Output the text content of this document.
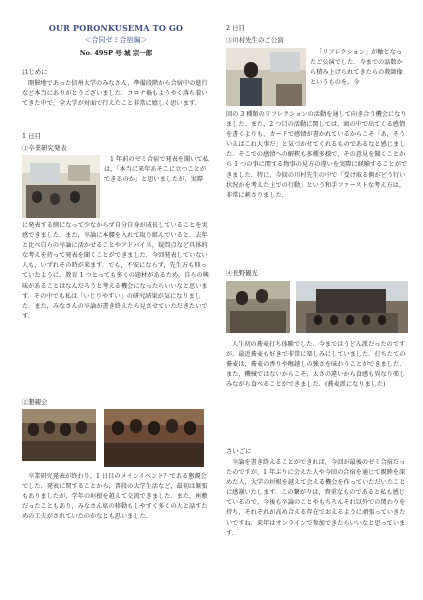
OUR PORONKUSEMA TO GO
＜合同ゼミ合宿編＞
No. 49SP 号 城 宗一郎
はじめに
開催地であった信州大学のみなさん，準備段階から合宿中の進行など本当にありがとうございました．コロナ禍もようやく落ち着いてきた中で，全大学が対面で行えたこと非常に嬉しく思います．
1 日目
①卒業研究発表
1 年前のゼミ合宿で発表を聞いて私は，「本当に来年あそこに立つことができるのか」と思いましたが，実際
に発表する側になって少なからず自分自身が成長していることを実感できました．また，卒論に本腰を入れて取り組んでいると，去年と比べ自らの卒論に活かせることやアドバイス，疑問点など具体的な考えを持って発表を聞くことができました．今回発表していない人も，いずれその時が来ます．でも，不安にならず，先生方も仰っていたように，教育 1 つとっても多くの題材があるため，自らの興味があることはなんだろうと考える機会になったらいいなと思います．その中でも私は「いじりやすい」の研究結果が気になりました．また，みなさんの卒論が書き終えたら見させていただきたいです．
②懇親会
卒業研究発表が終わり，1 日目のメインイベント？である懇親会でした．発表に関することから，普段の大学生活など，最初は緊張もありましたが，学年の垣根を越えて交流できました．また，座敷だったこともあり，みなさん席の移動もしやすく多くの人と話すための工夫がされていたのかなとも思いました．
2 日目
③川村先生のご公演
「リフレクション」が軸となったご公演でした．今までの話数から積み上げられてきたらの教師像というものを，今
回の 3 種類のリフレクションの活動を通して向き合う機会になりました．また，2 つ目の活動に関しては，頭の中で出てくる感情を書くよりも，カードで感情が書かれているからこそ「あ，そういえばこれ大事だ」と気づかせてくれるものであるなと感じました．そこでの感情への解釈も多種多様で，その意見を聞くことから 1 つの事に関する物事の見方の違いを実際に経験することができました．特に，今回の川村先生の中で「受け取る側がどう行い状況かを考えた上での行動」という和手ファーストな考え方は，非常に刺さりました．
④長野観光
人生初の蕎麦打ち体験でした．今まではうどん派だったのですが，最近蕎麦も好きで非常に楽しみにしていました．打ちたての蕎麦は，蕎麦の香りや喉越しの強さを味わうことができました．また，機械ではないからこそ，太さの違いから食感も異なり楽しみながら食べることができました．(蕎麦派になりました)
さいごに
卒論を書き終えることができれば，今回が最後のゼミ合宿だったのですが，1 年ぶりに会えた人や今回の合宿を通じて親睦を深めた人，大学の垣根を越えて会える機会を作っていただいたことに感謝いたします．この繋がりは，貴重なものであると私も感じているので，今後も卒論のことやもちろんそれ以外での関わりを持ち，それぞれが高め合える存在でおえるように頑張っていきたいですね．来年はオンラインで参加できたらいいなと思っています．
